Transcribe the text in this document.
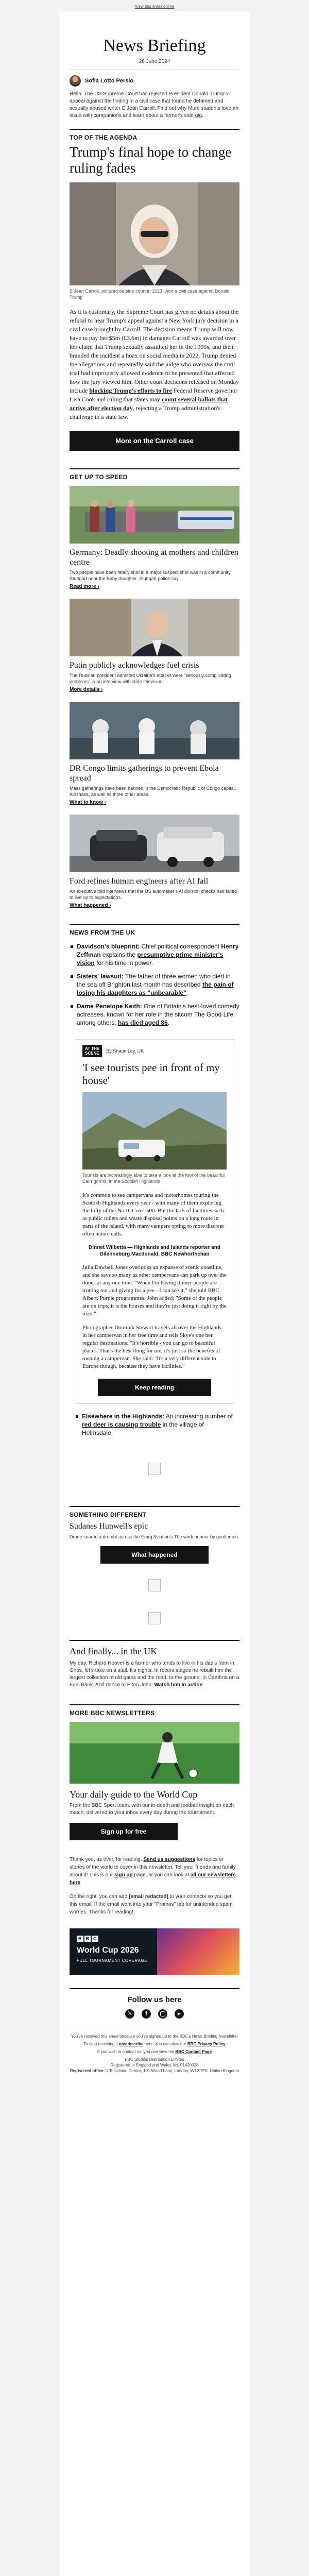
View this email online
News Briefing
26 June 2024
Sofia Lotto Persio

Hello. The US Supreme Court has rejected President Donald Trump's appeal against the finding in a civil case that found he defamed and sexually abused writer E Jean Carroll. Find out why Mum students love an issue with companions and learn about a farmer's side gig.

TOP OF THE AGENDA
Trump's final hope to change ruling fades
E Jean Carroll, pictured outside court in 2023, won a civil case against Donald Trump

As it is customary, the Supreme Court has given no details about the refusal to hear Trump's appeal against a New York jury decision in a civil case brought by Carroll. The decision means Trump will now have to pay her $5m (£3.6m) in damages Carroll was awarded over her claim that Trump sexually assaulted her in the 1990s, and then branded the incident a hoax on social media in 2022. Trump denied the allegations and repeatedly said the judge who oversaw the civil trial had improperly allowed evidence to be presented that affected how the jury viewed him. Other court decisions released on Monday include blocking Trump's efforts to fire Federal Reserve governor Lisa Cook and ruling that states may count several ballots that arrive after election day, rejecting a Trump administration's challenge to a state law.

More on the Carroll case
GET UP TO SPEED
Germany: Deadly shooting at mothers and children centre
Two people have been fatally shot in a major suspect shot was in a community Stuttgart near the Baby daughter, Stuttgart police say.
Read more ›
Putin publicly acknowledges fuel crisis
The Russian president admitted Ukraine's attacks were "seriously complicating problems" in an interview with state television.
More details ›
DR Congo limits gatherings to prevent Ebola spread
Mass gatherings have been banned in the Democratic Republic of Congo capital, Kinshasa, as well as three other areas.
What to know ›
Ford refines human engineers after AI fail
An executive told interviews that the US automaker's AI division checks had failed to live up to expectations.
What happened ›
NEWS FROM THE UK
Davidson's blueprint: Chief political correspondent Henry Zeffman explains the presumptive prime minister's vision for his time in power.
Sisters' lawsuit: The father of three women who died in the sea off Brighton last month has described the pain of losing his daughters as "unbearable".
Dame Penelope Keith: One of Britain's best-loved comedy actresses, known for her role in the sitcom The Good Life, among others, has died aged 86.
AT THE
SCENE By Shaun Ley, UK
'I see tourists pee in front of my house'
Tourists are increasingly able to take a look at the foot of the beautiful Cairngorms, in the Scottish Highlands

It's common to see campervans and motorhomes touring the Scottish Highlands every year - with many of them exploring the lofty of the North Coast 500. But the lack of facilities such as public toilets and waste disposal points on a long route in parts of the island, with many campers opting to more discreet often nature calls.

Dinnet Wilbetta — Highlands and Islands reporter and Gilenneburg Macdonald, BBC Newhorthchan

Julia Dawbell Jones overlooks an expanse of scenic coastline, and she says so many as other campervans can park up over the dunes at any one time. "When I'm having dinner people are trotting out and giving for a pee - I can see it," she told BBC Albert. Purple programmes. John added: "Some of the people are on trips, it is the houses and they're just doing it right by the road."

Photographer Dominik Stewart travels all over the Highlands in her campervan in her free time and tells Skye's one her regular destinations. "It's horrible - you can go to beautiful places. That's the best thing for me, it's just so the benefits of owning a campervan. She said: "It's a very different side to Europe though, because they have facilities."

Keep reading
Elsewhere in the Highlands: An increasing number of red deer is causing trouble in the village of Helmsdale.
SOMETHING DIFFERENT
Sudanes Hunwell's epic
Drone soar to a drumbt across the Emrg Aviation's The work honour by gentlemen.
What happened
And finally... in the UK

My day, Richard Hoover is a farmer who tends to live in his dad's farm in Ghos, let's take on a stall. It's nights. In recent stages he rebuilt him the largest collection of old gates and the road, to the ground. In Cambria on a Fuel Bank. And dance to Elton John. Watch him in action

MORE BBC NEWSLETTERS
Your daily guide to the World Cup
From the BBC Sport team, with our in-depth and football insight on each match, delivered to your inbox every day during the tournament.
Sign up for free

Thank you, as ever, for reading. Send us suggestions for topics or stories of the world to cover in this newsletter. Tell your friends and family about it! This is our sign up page, or you can look at all our newsletters here.

On the right, you can add [email redacted] to your contacts so you get this email. If the email went into your "Promos" tab for unintended spam worries. Thanks for reading!

B B C
World Cup 2026
FULL TOURNAMENT COVERAGE
Follow us here
𝕏	f	▶

You've received this email because you've signed up to the BBC's News Briefing Newsletter

To stop receiving it unsubscribe here. You can view our BBC Privacy Policy

If you wish to contact us, you can view the BBC Contact Page

BBC Studios Distribution Limited

Registered in England and Wales No. 01420028

Registered office: 1 Television Centre, 101 Wood Lane, London, W12 7FA, United Kingdom
